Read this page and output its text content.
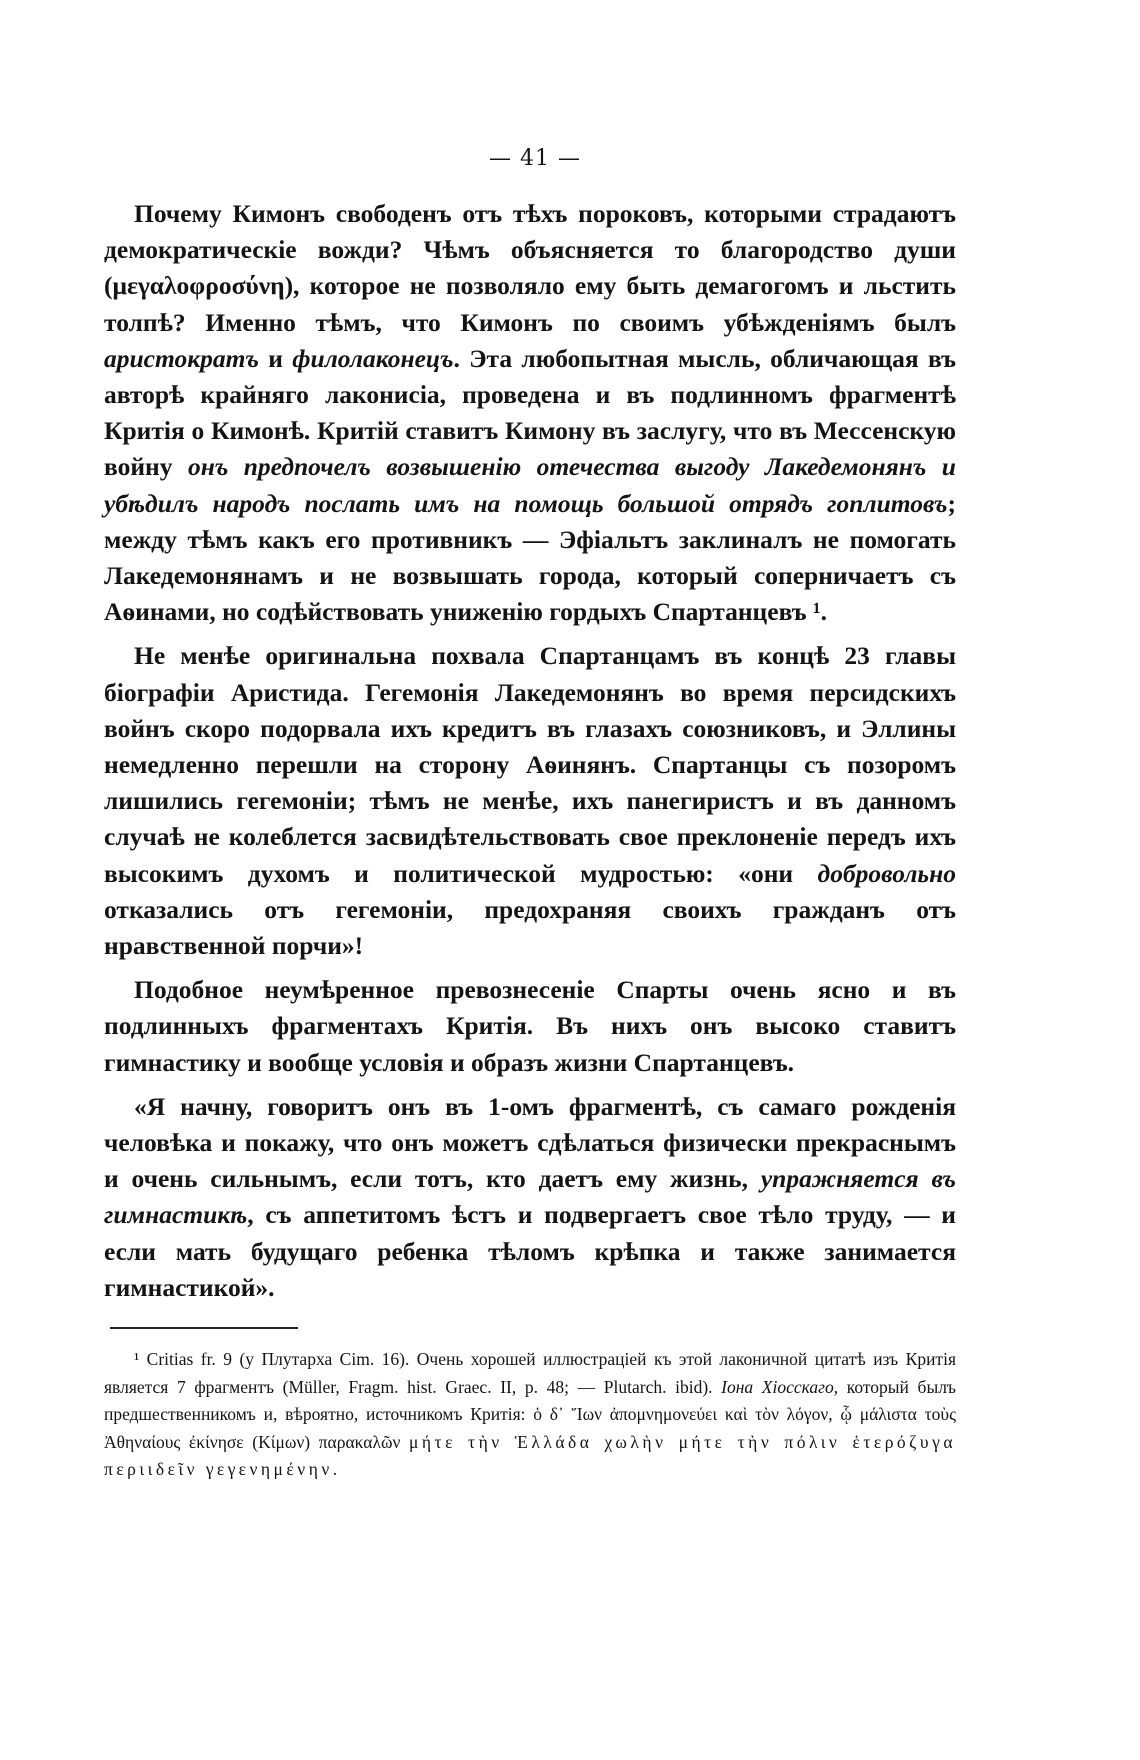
— 41 —

Почему Кимонъ свободенъ отъ тѣхъ пороковъ, которыми страдаютъ демократическіе вожди? Чѣмъ объясняется то благородство души (μεγαλοφροσύνη), которое не позволяло ему быть демагогомъ и льстить толпѣ? Именно тѣмъ, что Кимонъ по своимъ убѣжденіямъ былъ аристократъ и филолаконецъ. Эта любопытная мысль, обличающая въ авторѣ крайняго лаконисіа, проведена и въ подлинномъ фрагментѣ Критія о Кимонѣ. Критій ставитъ Кимону въ заслугу, что въ Мессенскую войну онъ предпочелъ возвышенію отечества выгоду Лакедемонянъ и убѣдилъ народъ послать имъ на помощь большой отрядъ гоплитовъ; между тѣмъ какъ его противникъ — Эфіальтъ заклиналъ не помогать Лакедемонянамъ и не возвышать города, который соперничаетъ съ Аѳинами, но содѣйствовать униженію гордыхъ Спартанцевъ ¹.

Не менѣе оригинальна похвала Спартанцамъ въ концѣ 23 главы біографіи Аристида. Гегемонія Лакедемонянъ во время персидскихъ войнъ скоро подорвала ихъ кредитъ въ глазахъ союзниковъ, и Эллины немедленно перешли на сторону Аѳинянъ. Спартанцы съ позоромъ лишились гегемоніи; тѣмъ не менѣе, ихъ панегиристъ и въ данномъ случаѣ не колеблется засвидѣтельствовать свое преклоненіе передъ ихъ высокимъ духомъ и политической мудростью: «они добровольно отказались отъ гегемоніи, предохраняя своихъ гражданъ отъ нравственной порчи»!

Подобное неумѣренное превознесеніе Спарты очень ясно и въ подлинныхъ фрагментахъ Критія. Въ нихъ онъ высоко ставитъ гимнастику и вообще условія и образъ жизни Спартанцевъ.

«Я начну, говоритъ онъ въ 1-омъ фрагментѣ, съ самаго рожденія человѣка и покажу, что онъ можетъ сдѣлаться физически прекраснымъ и очень сильнымъ, если тотъ, кто даетъ ему жизнь, упражняется въ гимнастикѣ, съ аппетитомъ ѣстъ и подвергаетъ свое тѣло труду, — и если мать будущаго ребенка тѣломъ крѣпка и также занимается гимнастикой».

¹ Critias fr. 9 (у Плутарха Cim. 16). Очень хорошей иллюстраціей къ этой лаконичной цитатѣ изъ Критія является 7 фрагментъ (Müller, Fragm. hist. Graec. II, p. 48; — Plutarch. ibid). Іона Хіосскаго, который былъ предшественникомъ и, вѣроятно, источникомъ Критія: ὁ δ᾽ Ἴων ἀπομνημονεύει καὶ τὸν λόγον, ᾧ μάλιστα τοὺς Ἀθηναίους ἐκίνησε (Κίμων) παρακαλῶν μήτε τὴν Ἑλλάδα χωλὴν μήτε τὴν πόλιν ἑτερόζυγα περιιδεῖν γεγενημένην.
